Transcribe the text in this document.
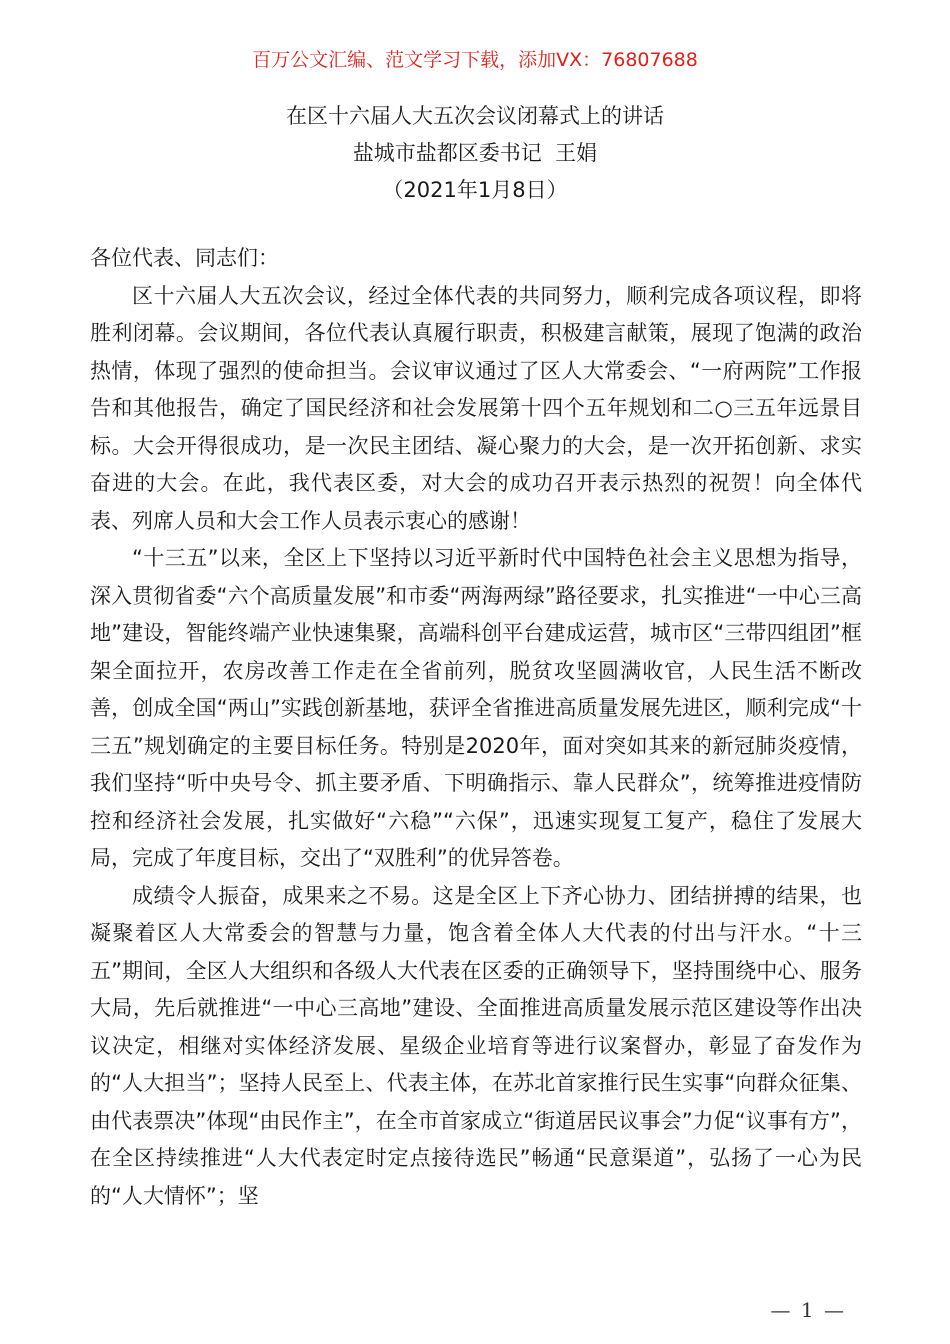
百万公文汇编、范文学习下载，添加VX：76807688
在区十六届人大五次会议闭幕式上的讲话
盐城市盐都区委书记  王娟
（2021年1月8日）

各位代表、同志们：

区十六届人大五次会议，经过全体代表的共同努力，顺利完成各项议程，即将胜利闭幕。会议期间，各位代表认真履行职责，积极建言献策，展现了饱满的政治热情，体现了强烈的使命担当。会议审议通过了区人大常委会、“一府两院”工作报告和其他报告，确定了国民经济和社会发展第十四个五年规划和二○三五年远景目标。大会开得很成功，是一次民主团结、凝心聚力的大会，是一次开拓创新、求实奋进的大会。在此，我代表区委，对大会的成功召开表示热烈的祝贺！向全体代表、列席人员和大会工作人员表示衷心的感谢！

“十三五”以来，全区上下坚持以习近平新时代中国特色社会主义思想为指导，深入贯彻省委“六个高质量发展”和市委“两海两绿”路径要求，扎实推进“一中心三高地”建设，智能终端产业快速集聚，高端科创平台建成运营，城市区“三带四组团”框架全面拉开，农房改善工作走在全省前列，脱贫攻坚圆满收官，人民生活不断改善，创成全国“两山”实践创新基地，获评全省推进高质量发展先进区，顺利完成“十三五”规划确定的主要目标任务。特别是2020年，面对突如其来的新冠肺炎疫情，我们坚持“听中央号令、抓主要矛盾、下明确指示、靠人民群众”，统筹推进疫情防控和经济社会发展，扎实做好“六稳”“六保”，迅速实现复工复产，稳住了发展大局，完成了年度目标，交出了“双胜利”的优异答卷。

成绩令人振奋，成果来之不易。这是全区上下齐心协力、团结拼搏的结果，也凝聚着区人大常委会的智慧与力量，饱含着全体人大代表的付出与汗水。“十三五”期间，全区人大组织和各级人大代表在区委的正确领导下，坚持围绕中心、服务大局，先后就推进“一中心三高地”建设、全面推进高质量发展示范区建设等作出决议决定，相继对实体经济发展、星级企业培育等进行议案督办，彰显了奋发作为的“人大担当”；坚持人民至上、代表主体，在苏北首家推行民生实事“向群众征集、由代表票决”体现“由民作主”，在全市首家成立“街道居民议事会”力促“议事有方”，在全区持续推进“人大代表定时定点接待选民”畅通“民意渠道”，弘扬了一心为民的“人大情怀”；坚

— 1 —
